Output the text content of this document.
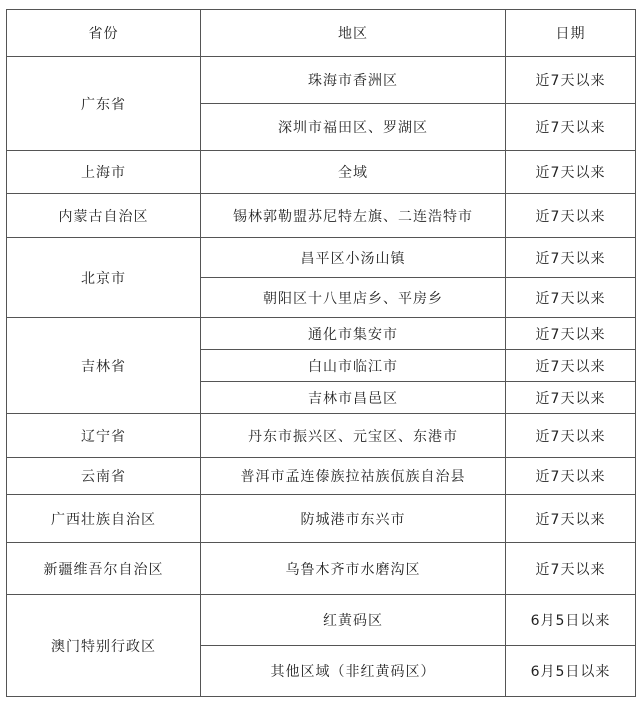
省份	地区	日期
广东省	珠海市香洲区	近7天以来
	深圳市福田区、罗湖区	近7天以来
上海市	全域	近7天以来
内蒙古自治区	锡林郭勒盟苏尼特左旗、二连浩特市	近7天以来
北京市	昌平区小汤山镇	近7天以来
	朝阳区十八里店乡、平房乡	近7天以来
吉林省	通化市集安市	近7天以来
	白山市临江市	近7天以来
	吉林市昌邑区	近7天以来
辽宁省	丹东市振兴区、元宝区、东港市	近7天以来
云南省	普洱市孟连傣族拉祜族佤族自治县	近7天以来
广西壮族自治区	防城港市东兴市	近7天以来
新疆维吾尔自治区	乌鲁木齐市水磨沟区	近7天以来
澳门特别行政区	红黄码区	6月5日以来
	其他区域（非红黄码区）	6月5日以来
